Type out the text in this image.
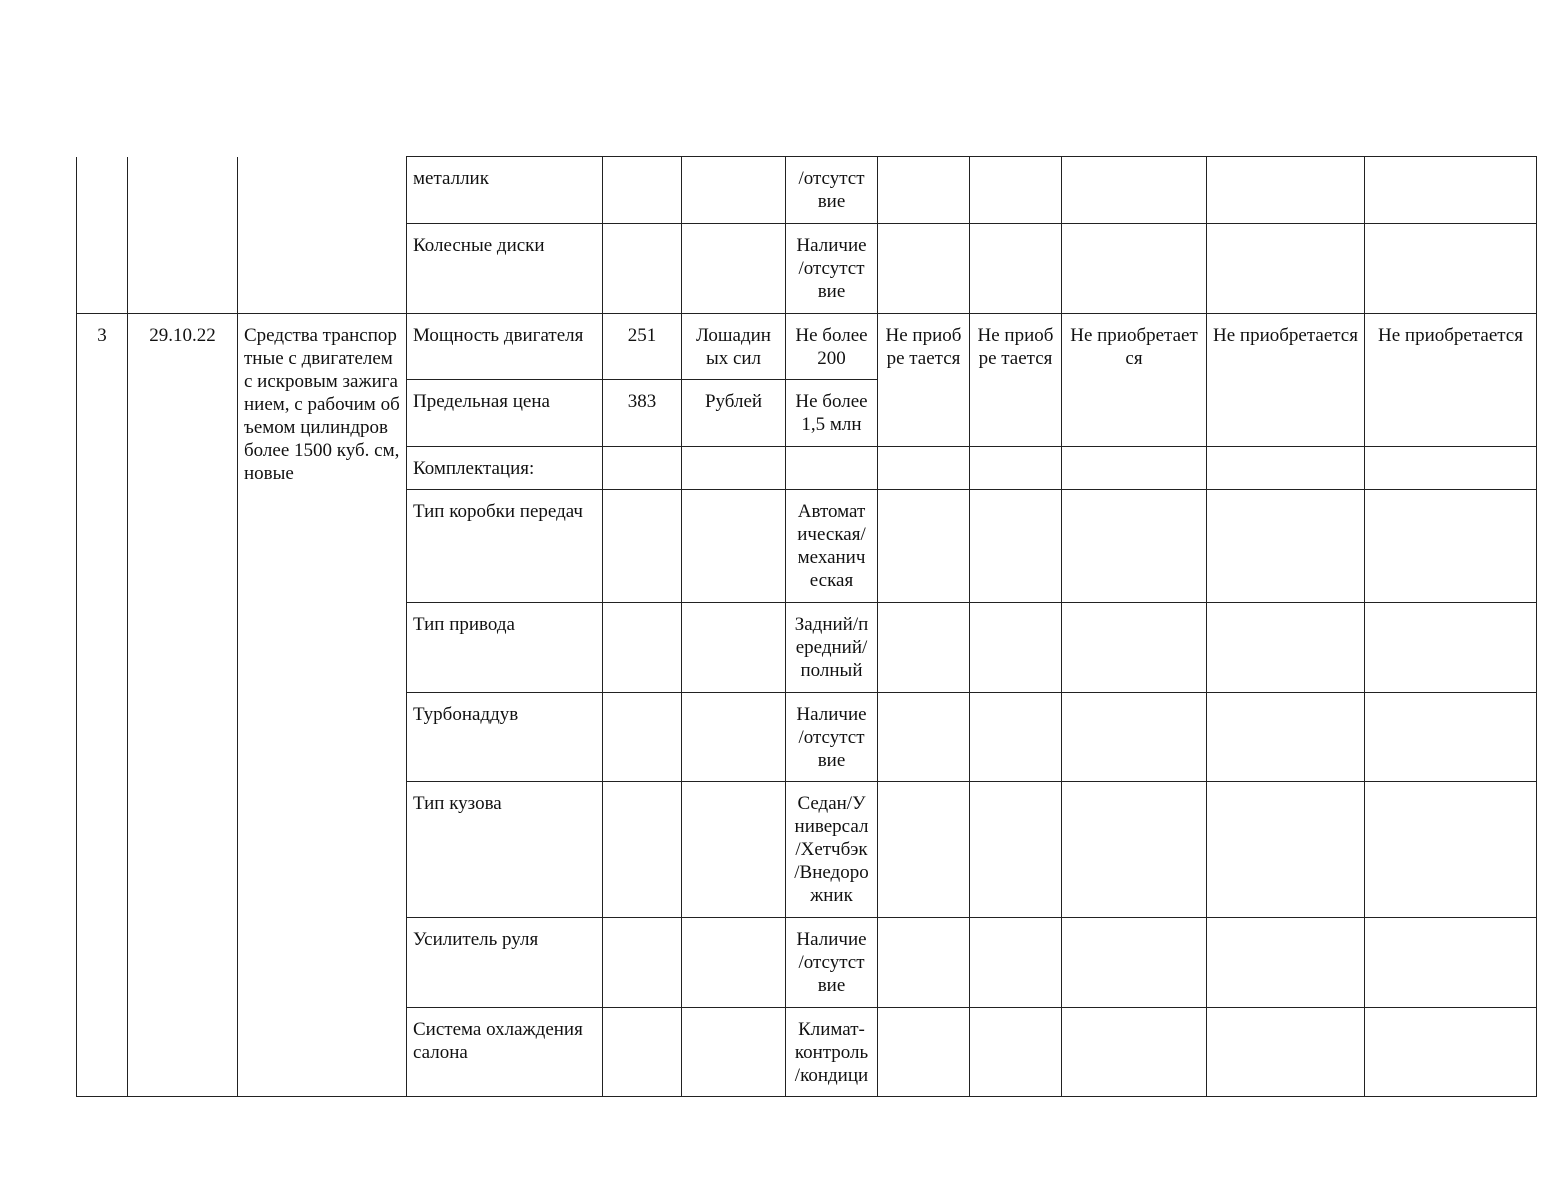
			металлик			/отсутст вие					
			Колесные диски			Наличие /отсутст вие					
3	29.10.22	Средства транспортные с двигателем с искровым зажиганием, с рабочим объемом цилиндров более 1500 куб. см, новые	Мощность двигателя	251	Лошадин ых сил	Не более 200	Не приобре тается	Не приобре тается	Не приобретается	Не приобретается	Не приобретается
			Предельная цена	383	Рублей	Не более 1,5 млн					
			Комплектация:								
			Тип коробки передач			Автомат ическая/ механич еская					
			Тип привода			Задний/п ередний/ полный					
			Турбонаддув			Наличие /отсутст вие					
			Тип кузова			Седан/У ниверсал /Хетчбэк /Внедоро жник					
			Усилитель руля			Наличие /отсутст вие					
			Система охлаждения салона			Климат- контроль /кондици					
